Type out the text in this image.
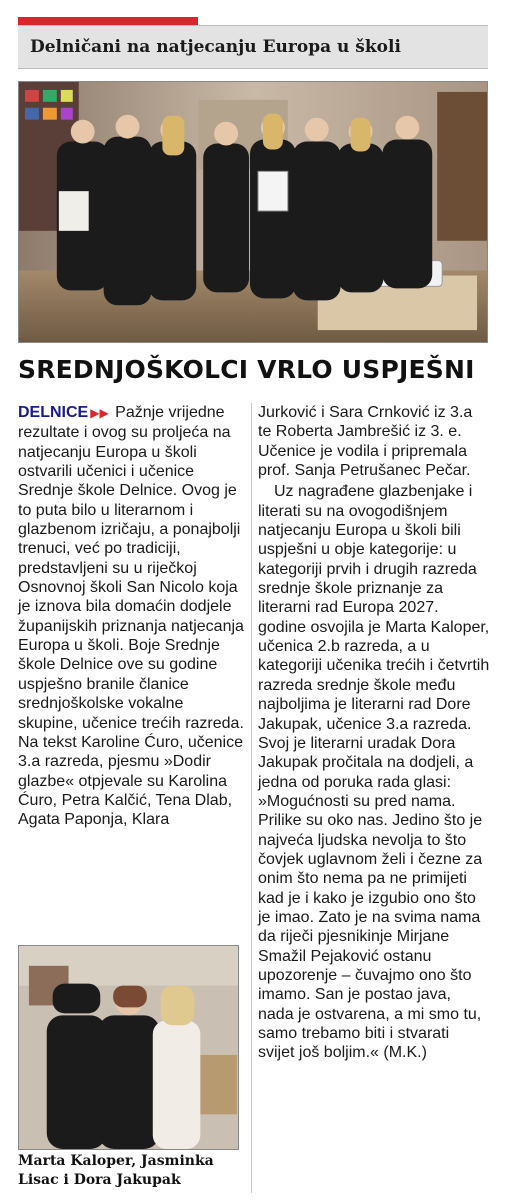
Delničani na natjecanju Europa u školi
SREDNJOŠKOLCI VRLO USPJEŠNI

DELNICE ▶▶ Pažnje vrijedne rezultate i ovog su proljeća na natjecanju Europa u školi ostvarili učenici i učenice Srednje škole Delnice. Ovog je to puta bilo u literarnom i glazbenom izričaju, a ponajbolji trenuci, već po tradiciji, predstavljeni su u riječkoj Osnovnoj školi San Nicolo koja je iznova bila domaćin dodjele županijskih priznanja natjecanja Europa u školi. Boje Srednje škole Delnice ove su godine uspješno branile članice srednjoškolske vokalne skupine, učenice trećih razreda. Na tekst Karoline Ćuro, učenice 3.a razreda, pjesmu »Dodir glazbe« otpjevale su Karolina Ćuro, Petra Kalčić, Tena Dlab, Agata Paponja, Klara

Jurković i Sara Crnković iz 3.a te Roberta Jambrešić iz 3. e. Učenice je vodila i pripremala prof. Sanja Petrušanec Pečar.

Uz nagrađene glazbenjake i literati su na ovogodišnjem natjecanju Europa u školi bili uspješni u obje kategorije: u kategoriji prvih i drugih razreda srednje škole priznanje za literarni rad Europa 2027. godine osvojila je Marta Kaloper, učenica 2.b razreda, a u kategoriji učenika trećih i četvrtih razreda srednje škole među najboljima je literarni rad Dore Jakupak, učenice 3.a razreda. Svoj je literarni uradak Dora Jakupak pročitala na dodjeli, a jedna od poruka rada glasi: »Mogućnosti su pred nama. Prilike su oko nas. Jedino što je najveća ljudska nevolja to što čovjek uglavnom želi i čezne za onim što nema pa ne primijeti kad je i kako je izgubio ono što je imao. Zato je na svima nama da riječi pjesnikinje Mirjane Smažil Pejaković ostanu upozorenje – čuvajmo ono što imamo. San je postao java, nada je ostvarena, a mi smo tu, samo trebamo biti i stvarati svijet još boljim.« (M.K.)

Marta Kaloper, Jasminka Lisac i Dora Jakupak
